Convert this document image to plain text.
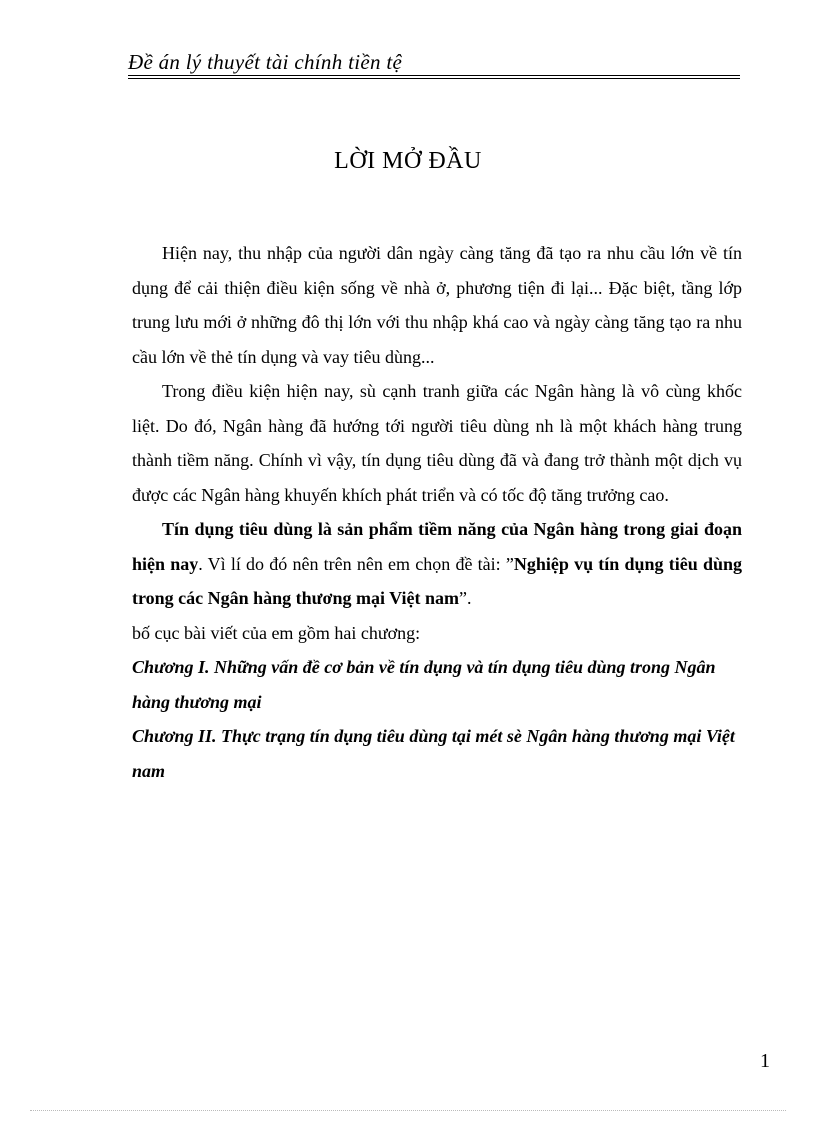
Đề án lý thuyết tài chính tiền tệ
LỜI MỞ ĐẦU

Hiện nay, thu nhập của người dân ngày càng tăng đã tạo ra nhu cầu lớn về tín dụng để cải thiện điều kiện sống về nhà ở, phương tiện đi lại... Đặc biệt, tầng lớp trung lưu mới ở những đô thị lớn với thu nhập khá cao và ngày càng tăng tạo ra nhu cầu lớn về thẻ tín dụng và vay tiêu dùng...

Trong điều kiện hiện nay, sù cạnh tranh giữa các Ngân hàng là vô cùng khốc liệt. Do đó, Ngân hàng đã hướng tới người tiêu dùng nh là một khách hàng trung thành tiềm năng. Chính vì vậy, tín dụng tiêu dùng đã và đang trở thành một dịch vụ được các Ngân hàng khuyến khích phát triển và có tốc độ tăng trưởng cao.

Tín dụng tiêu dùng là sản phẩm tiềm năng của Ngân hàng trong giai đoạn hiện nay. Vì lí do đó nên trên nên em chọn đề tài: ”Nghiệp vụ tín dụng tiêu dùng trong các Ngân hàng thương mại Việt nam”.

bố cục bài viết của em gồm hai chương:

Chương I. Những vấn đề cơ bản về tín dụng và tín dụng tiêu dùng trong Ngân hàng thương mại

Chương II. Thực trạng tín dụng tiêu dùng tại mét sè Ngân hàng thương mại Việt nam

1
